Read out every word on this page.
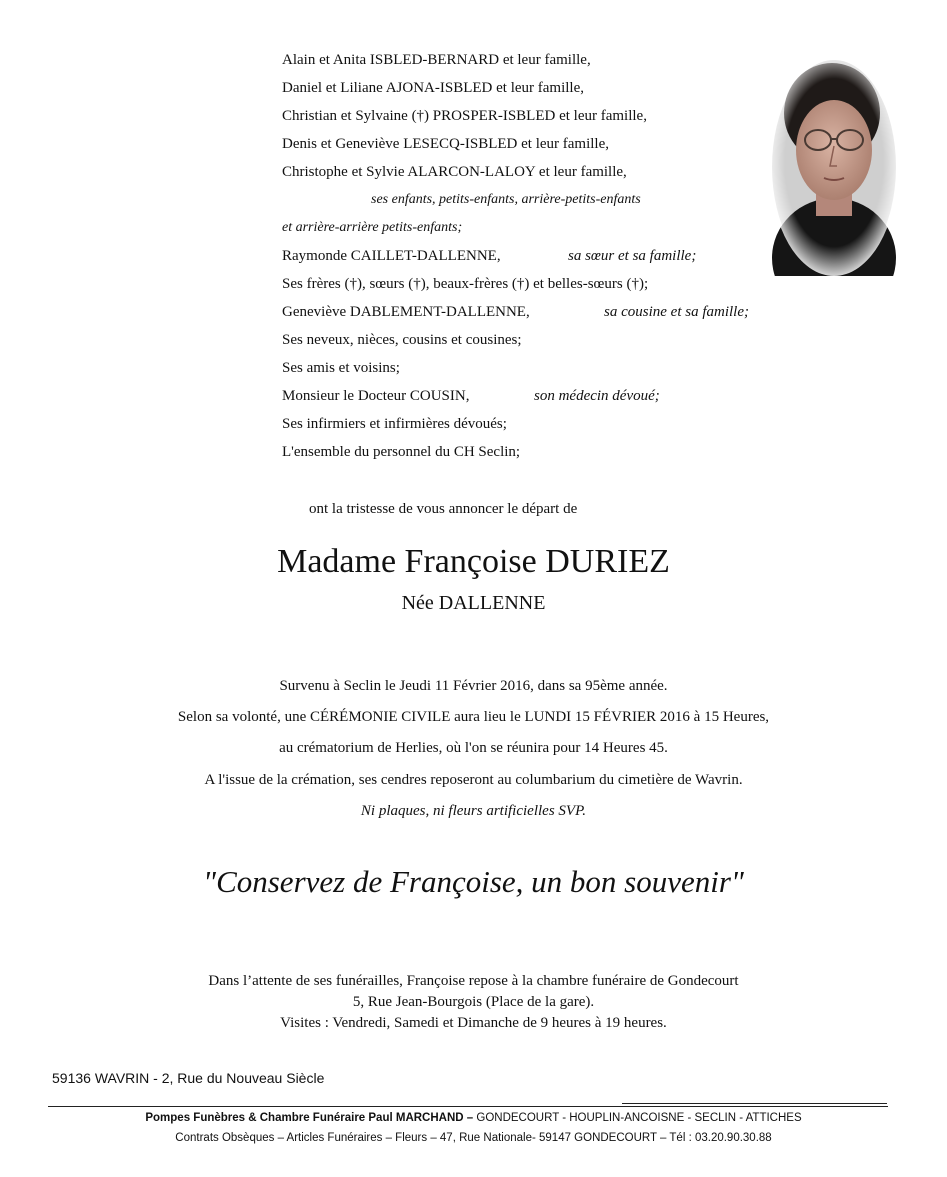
Alain et Anita ISBLED-BERNARD et leur famille,
Daniel et Liliane AJONA-ISBLED et leur famille,
Christian et Sylvaine (†) PROSPER-ISBLED et leur famille,
Denis et Geneviève LESECQ-ISBLED et leur famille,
Christophe et Sylvie ALARCON-LALOY et leur famille,
ses enfants, petits-enfants, arrière-petits-enfants
et arrière-arrière petits-enfants;
Raymonde CAILLET-DALLENNE,	sa sœur et sa famille;
Ses frères (†), sœurs (†), beaux-frères (†) et belles-sœurs (†);
Geneviève DABLEMENT-DALLENNE,	sa cousine et sa famille;
Ses neveux, nièces, cousins et cousines;
Ses amis et voisins;
Monsieur le Docteur COUSIN,	son médecin dévoué;
Ses infirmiers et infirmières dévoués;
L'ensemble du personnel du CH Seclin;
ont la tristesse de vous annoncer le départ de
Madame Françoise DURIEZ
Née DALLENNE
Survenu à Seclin le Jeudi 11 Février 2016, dans sa 95ème année.
Selon sa volonté, une CÉRÉMONIE CIVILE aura lieu le LUNDI 15 FÉVRIER 2016 à 15 Heures,
au crématorium de Herlies, où l'on se réunira pour 14 Heures 45.
A l'issue de la crémation, ses cendres reposeront au columbarium du cimetière de Wavrin.
Ni plaques, ni fleurs artificielles SVP.
"Conservez de Françoise, un bon souvenir"
Dans l’attente de ses funérailles, Françoise repose à la chambre funéraire de Gondecourt
5, Rue Jean-Bourgois (Place de la gare).
Visites : Vendredi, Samedi et Dimanche de 9 heures à 19 heures.
59136 WAVRIN - 2, Rue du Nouveau Siècle
Pompes Funèbres & Chambre Funéraire Paul MARCHAND – GONDECOURT - HOUPLIN-ANCOISNE - SECLIN - ATTICHES
Contrats Obsèques – Articles Funéraires – Fleurs – 47, Rue Nationale- 59147 GONDECOURT – Tél : 03.20.90.30.88
